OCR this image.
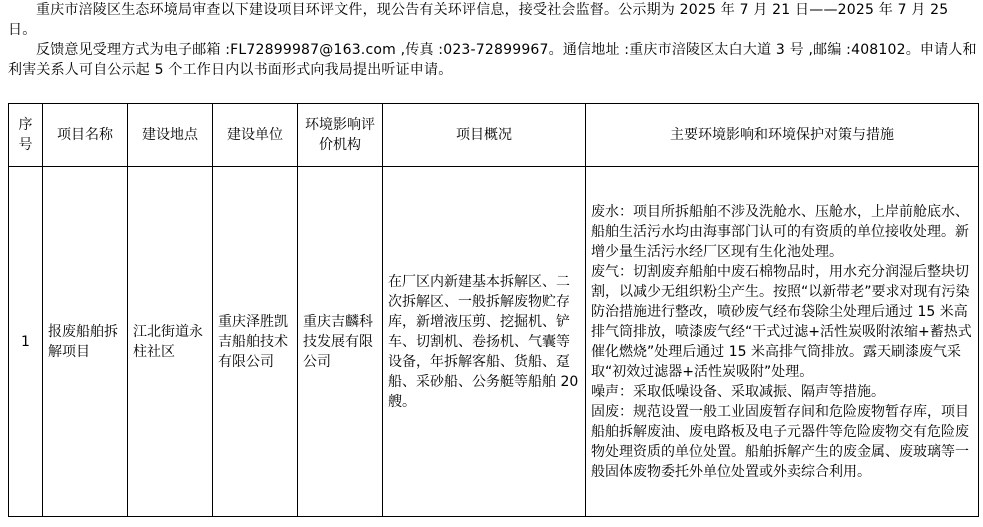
重庆市涪陵区生态环境局审查以下建设项目环评文件，现公告有关环评信息，接受社会监督。公示期为 2025 年 7 月 21 日——2025 年 7 月 25 日。

反馈意见受理方式为电子邮箱 :FL72899987@163.com ,传真 :023-72899967。通信地址 :重庆市涪陵区太白大道 3 号 ,邮编 :408102。申请人和利害关系人可自公示起 5 个工作日内以书面形式向我局提出听证申请。

序号	项目名称	建设地点	建设单位	环境影响评价机构	项目概况	主要环境影响和环境保护对策与措施
1	报废船舶拆解项目	江北街道永柱社区	重庆泽胜凯吉船舶技术有限公司	重庆吉麟科技发展有限公司	在厂区内新建基本拆解区、二次拆解区、一般拆解废物贮存库，新增液压剪、挖掘机、铲车、切割机、卷扬机、气囊等设备，年拆解客船、货船、趸船、采砂船、公务艇等船舶 20 艘。	废水：项目所拆船舶不涉及洗舱水、压舱水，上岸前舱底水、船舶生活污水均由海事部门认可的有资质的单位接收处理。新增少量生活污水经厂区现有生化池处理。
废气：切割废弃船舶中废石棉物品时，用水充分润湿后整块切割，以减少无组织粉尘产生。按照“以新带老”要求对现有污染防治措施进行整改，喷砂废气经布袋除尘处理后通过 15 米高排气筒排放，喷漆废气经“干式过滤+活性炭吸附浓缩+蓄热式催化燃烧”处理后通过 15 米高排气筒排放。露天刷漆废气采取“初效过滤器+活性炭吸附”处理。
噪声：采取低噪设备、采取减振、隔声等措施。
固废：规范设置一般工业固废暂存间和危险废物暂存库，项目船舶拆解废油、废电路板及电子元器件等危险废物交有危险废物处理资质的单位处置。船舶拆解产生的废金属、废玻璃等一般固体废物委托外单位处置或外卖综合利用。
